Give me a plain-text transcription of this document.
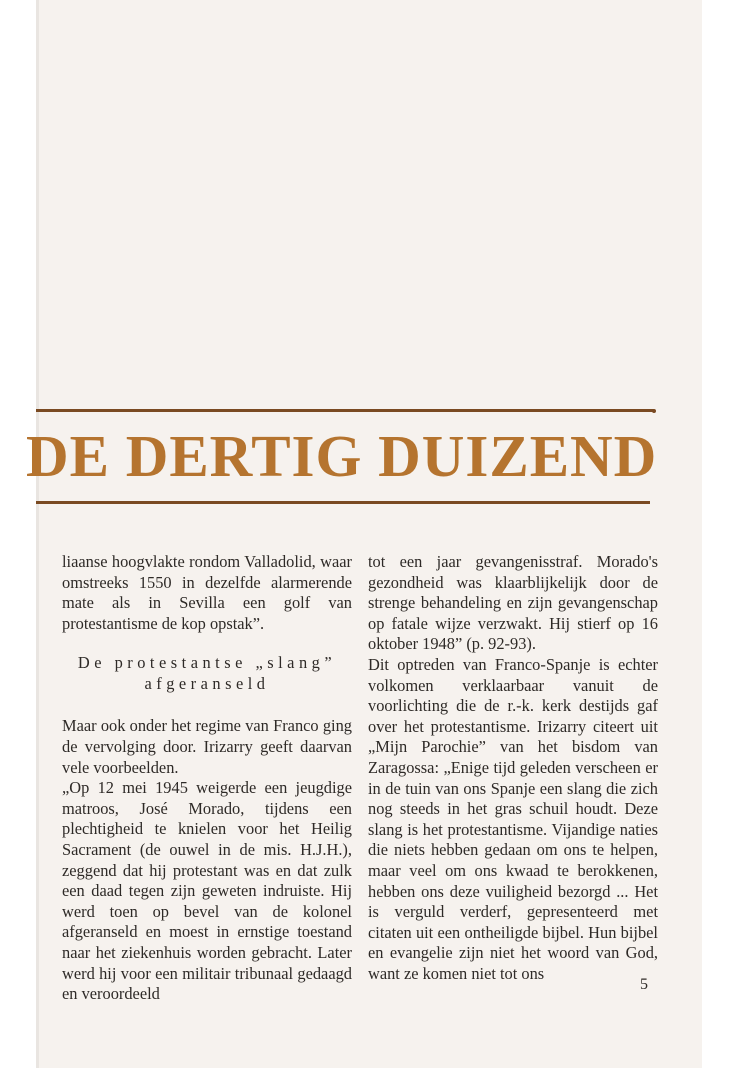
DE DERTIG DUIZEND

liaanse hoogvlakte rondom Valladolid, waar omstreeks 1550 in dezelfde alarmerende mate als in Sevilla een golf van protestantisme de kop opstak”.

De protestantse „slang” afgeranseld

Maar ook onder het regime van Franco ging de vervolging door. Irizarry geeft daarvan vele voorbeelden.

„Op 12 mei 1945 weigerde een jeugdige matroos, José Morado, tijdens een plechtigheid te knielen voor het Heilig Sacrament (de ouwel in de mis. H.J.H.), zeggend dat hij protestant was en dat zulk een daad tegen zijn geweten indruiste. Hij werd toen op bevel van de kolonel afgeranseld en moest in ernstige toestand naar het ziekenhuis worden gebracht. Later werd hij voor een militair tribunaal gedaagd en veroordeeld

tot een jaar gevangenisstraf. Morado's gezondheid was klaarblijkelijk door de strenge behandeling en zijn gevangenschap op fatale wijze verzwakt. Hij stierf op 16 oktober 1948” (p. 92-93).

Dit optreden van Franco-Spanje is echter volkomen verklaarbaar vanuit de voorlichting die de r.-k. kerk destijds gaf over het protestantisme. Irizarry citeert uit „Mijn Parochie” van het bisdom van Zaragossa: „Enige tijd geleden verscheen er in de tuin van ons Spanje een slang die zich nog steeds in het gras schuil houdt. Deze slang is het protestantisme. Vijandige naties die niets hebben gedaan om ons te helpen, maar veel om ons kwaad te berokkenen, hebben ons deze vuiligheid bezorgd ... Het is verguld verderf, gepresenteerd met citaten uit een ontheiligde bijbel. Hun bijbel en evangelie zijn niet het woord van God, want ze komen niet tot ons

5
